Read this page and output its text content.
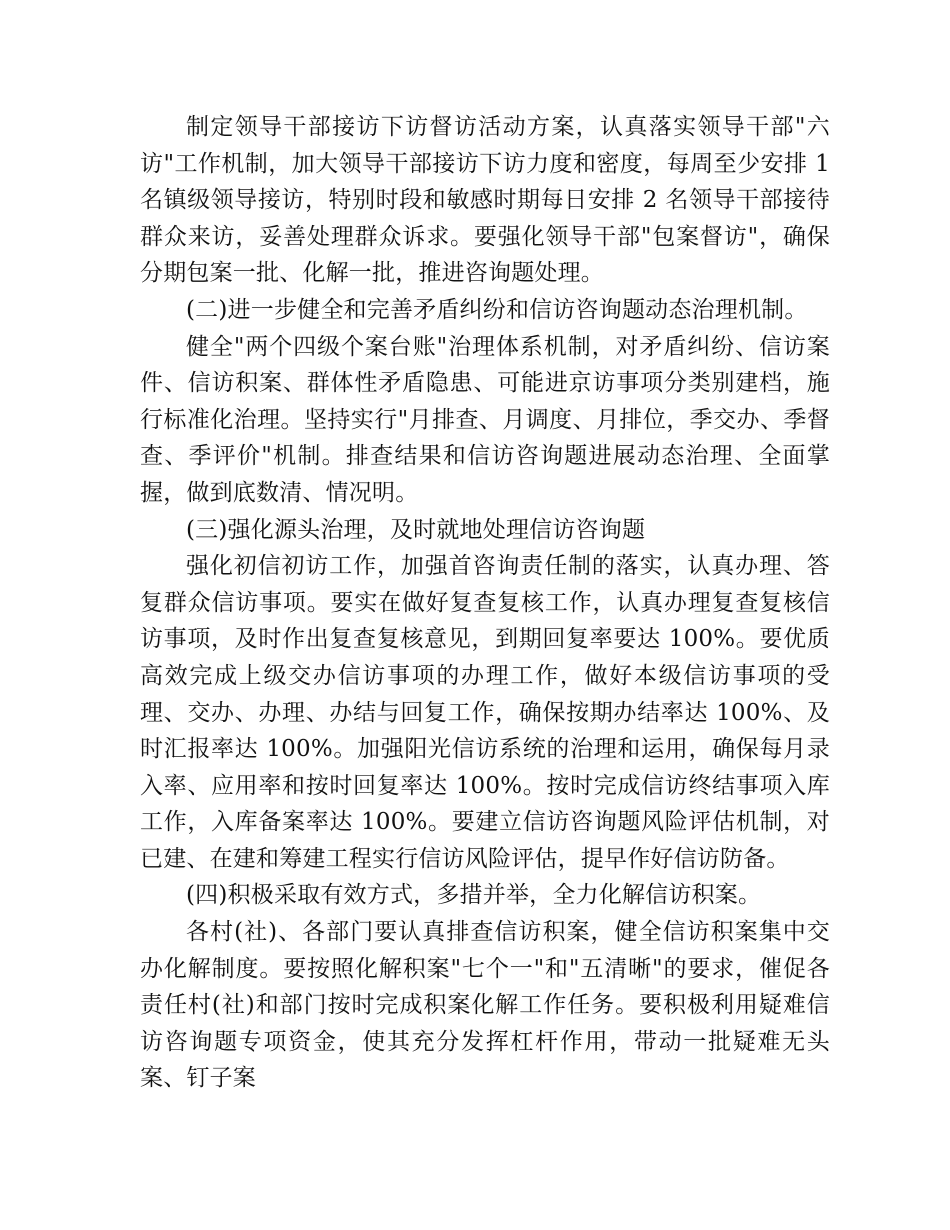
制定领导干部接访下访督访活动方案，认真落实领导干部"六访"工作机制，加大领导干部接访下访力度和密度，每周至少安排 1 名镇级领导接访，特别时段和敏感时期每日安排 2 名领导干部接待群众来访，妥善处理群众诉求。要强化领导干部"包案督访"，确保分期包案一批、化解一批，推进咨询题处理。

(二)进一步健全和完善矛盾纠纷和信访咨询题动态治理机制。

健全"两个四级个案台账"治理体系机制，对矛盾纠纷、信访案件、信访积案、群体性矛盾隐患、可能进京访事项分类别建档，施行标准化治理。坚持实行"月排查、月调度、月排位，季交办、季督查、季评价"机制。排查结果和信访咨询题进展动态治理、全面掌握，做到底数清、情况明。

(三)强化源头治理，及时就地处理信访咨询题

强化初信初访工作，加强首咨询责任制的落实，认真办理、答复群众信访事项。要实在做好复查复核工作，认真办理复查复核信访事项，及时作出复查复核意见，到期回复率要达 100%。要优质高效完成上级交办信访事项的办理工作，做好本级信访事项的受理、交办、办理、办结与回复工作，确保按期办结率达 100%、及时汇报率达 100%。加强阳光信访系统的治理和运用，确保每月录入率、应用率和按时回复率达 100%。按时完成信访终结事项入库工作，入库备案率达 100%。要建立信访咨询题风险评估机制，对已建、在建和筹建工程实行信访风险评估，提早作好信访防备。

(四)积极采取有效方式，多措并举，全力化解信访积案。

各村(社)、各部门要认真排查信访积案，健全信访积案集中交办化解制度。要按照化解积案"七个一"和"五清晰"的要求，催促各责任村(社)和部门按时完成积案化解工作任务。要积极利用疑难信访咨询题专项资金，使其充分发挥杠杆作用，带动一批疑难无头案、钉子案
